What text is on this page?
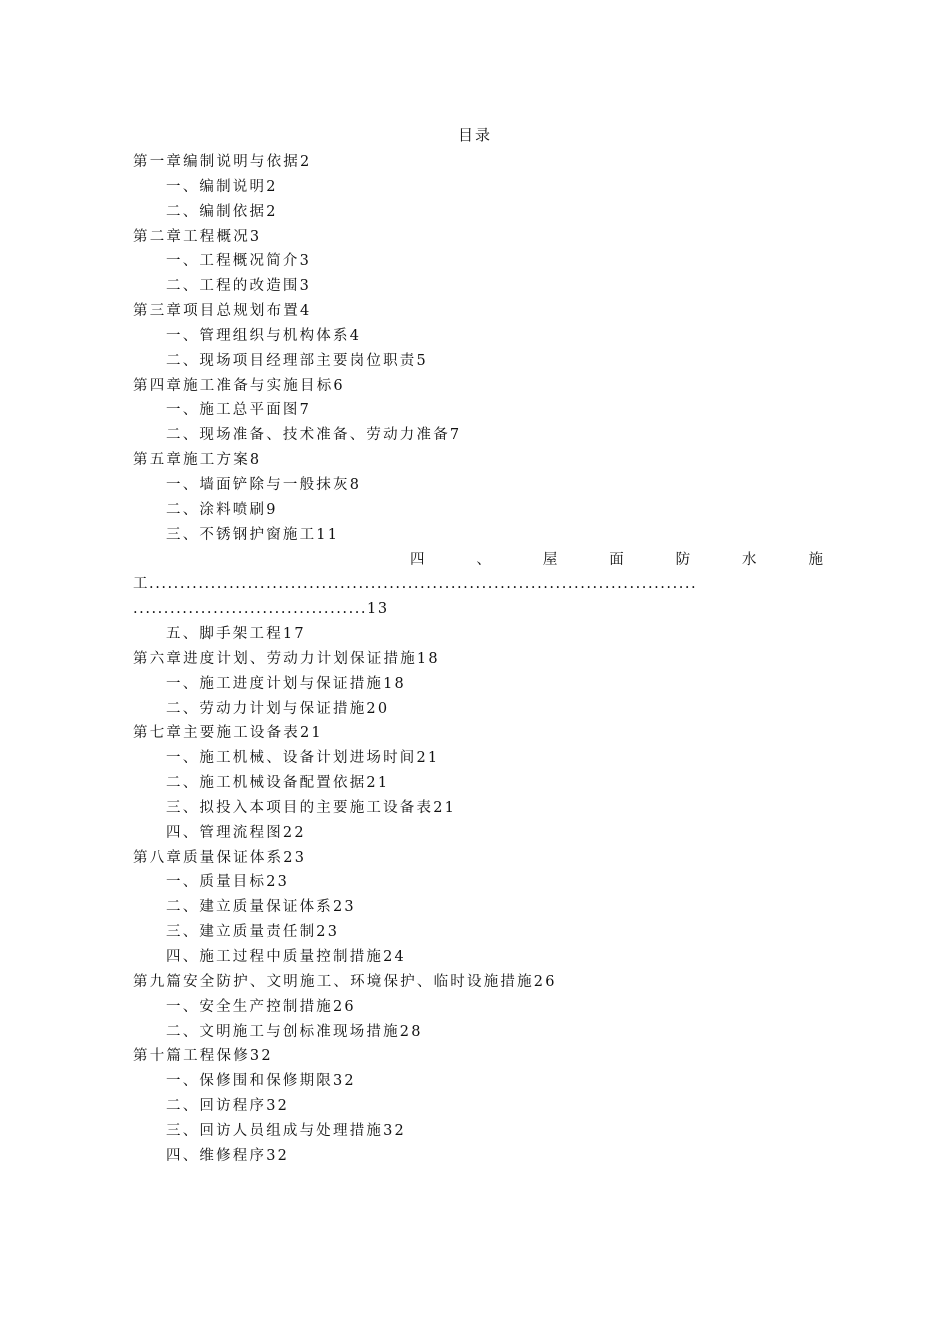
目录
第一章编制说明与依据2
一、编制说明2
二、编制依据2
第二章工程概况3
一、工程概况简介3
二、工程的改造围3
第三章项目总规划布置4
一、管理组织与机构体系4
二、现场项目经理部主要岗位职责5
第四章施工准备与实施目标6
一、施工总平面图7
二、现场准备、技术准备、劳动力准备7
第五章施工方案8
一、墙面铲除与一般抹灰8
二、涂料喷刷9
三、不锈钢护窗施工11
四	、	屋	面	防	水	施
工.........................................................................................
......................................13
五、脚手架工程17
第六章进度计划、劳动力计划保证措施18
一、施工进度计划与保证措施18
二、劳动力计划与保证措施20
第七章主要施工设备表21
一、施工机械、设备计划进场时间21
二、施工机械设备配置依据21
三、拟投入本项目的主要施工设备表21
四、管理流程图22
第八章质量保证体系23
一、质量目标23
二、建立质量保证体系23
三、建立质量责任制23
四、施工过程中质量控制措施24
第九篇安全防护、文明施工、环境保护、临时设施措施26
一、安全生产控制措施26
二、文明施工与创标准现场措施28
第十篇工程保修32
一、保修围和保修期限32
二、回访程序32
三、回访人员组成与处理措施32
四、维修程序32
